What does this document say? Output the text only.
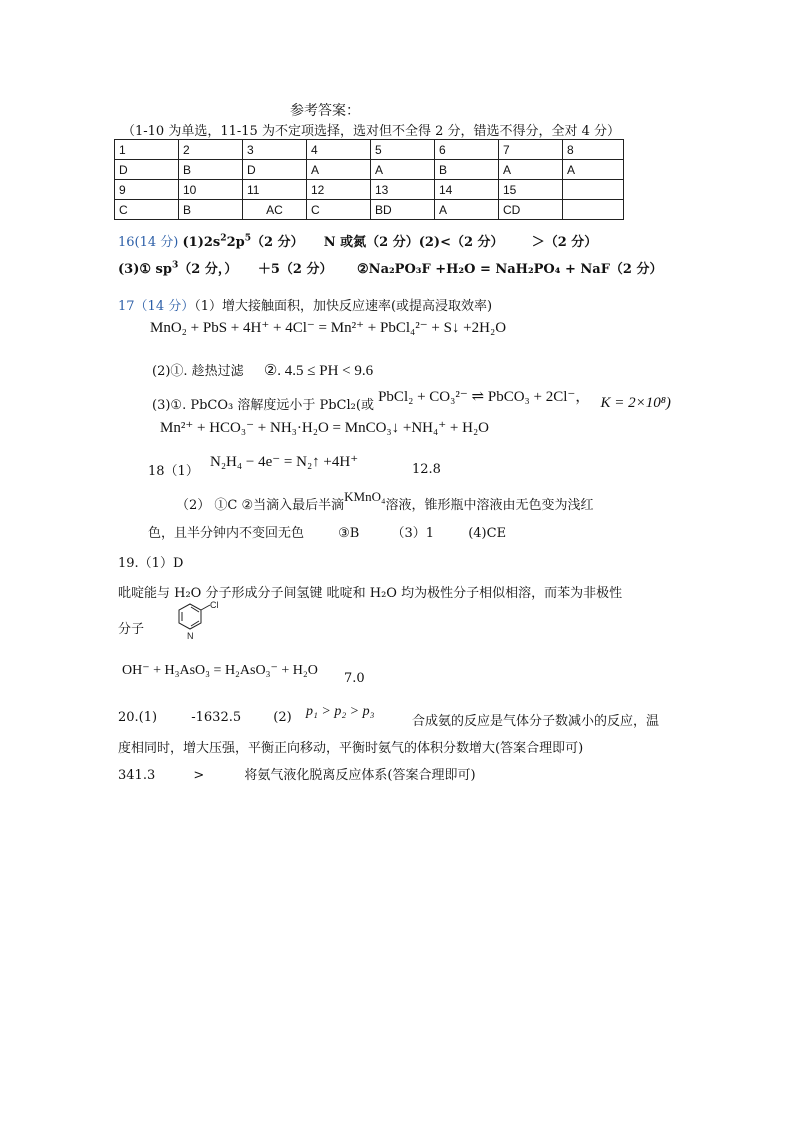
参考答案：
（1-10 为单选，11-15 为不定项选择，选对但不全得 2 分，错选不得分，全对 4 分）
1	2	3	4	5	6	7	8
D	B	D	A	A	B	A	A
9	10	11	12	13	14	15	
C	B	AC	C	BD	A	CD	
16(14 分) $(1)2s^22p^5(2$ 分） N 或氮（2 分）(2)<（2 分） ＞（2 分）
(3)① $sp^3(2$ 分，） ＋5（2 分） ②Na₂PO₃F +H₂O = NaH₂PO₄ + NaF（2 分）
17（14 分）（1）增大接触面积，加快反应速率(或提高浸取效率)
MnO₂ + PbS + 4H⁺ + 4Cl⁻ = Mn²⁺ + PbCl₄²⁻ + S↓ +2H₂O
(2)①. 趁热过滤 ②. 4.5 ≤ PH < 9.6
(3)①. PbCO₃ 溶解度远小于 PbCl₂(或 PbCl₂ + CO₃²⁻ ⇌ PbCO₃ + 2Cl⁻， K = 2×10⁸)
Mn²⁺ + HCO₃⁻ + NH₃·H₂O = MnCO₃↓ +NH₄⁺ + H₂O
18（1）
N₂H₄ − 4e⁻ = N₂↑ +4H⁺	12.8
（2） ①C ②当滴入最后半滴KMnO₄溶液，锥形瓶中溶液由无色变为浅红
色，且半分钟内不变回无色	③B （3）1	(4)CE
19.（1）D
吡啶能与 H₂O 分子形成分子间氢键 吡啶和 H₂O 均为极性分子相似相溶，而苯为非极性
分子
Cl
N
OH⁻ + H₃AsO₃ = H₂AsO₃⁻ + H₂O
7.0
20.(1)	-1632.5 (2) p₁ > p₂ > p₃
合成氨的反应是气体分子数减小的反应，温
度相同时，增大压强，平衡正向移动，平衡时氨气的体积分数增大(答案合理即可)
341.3	>	将氨气液化脱离反应体系(答案合理即可)
